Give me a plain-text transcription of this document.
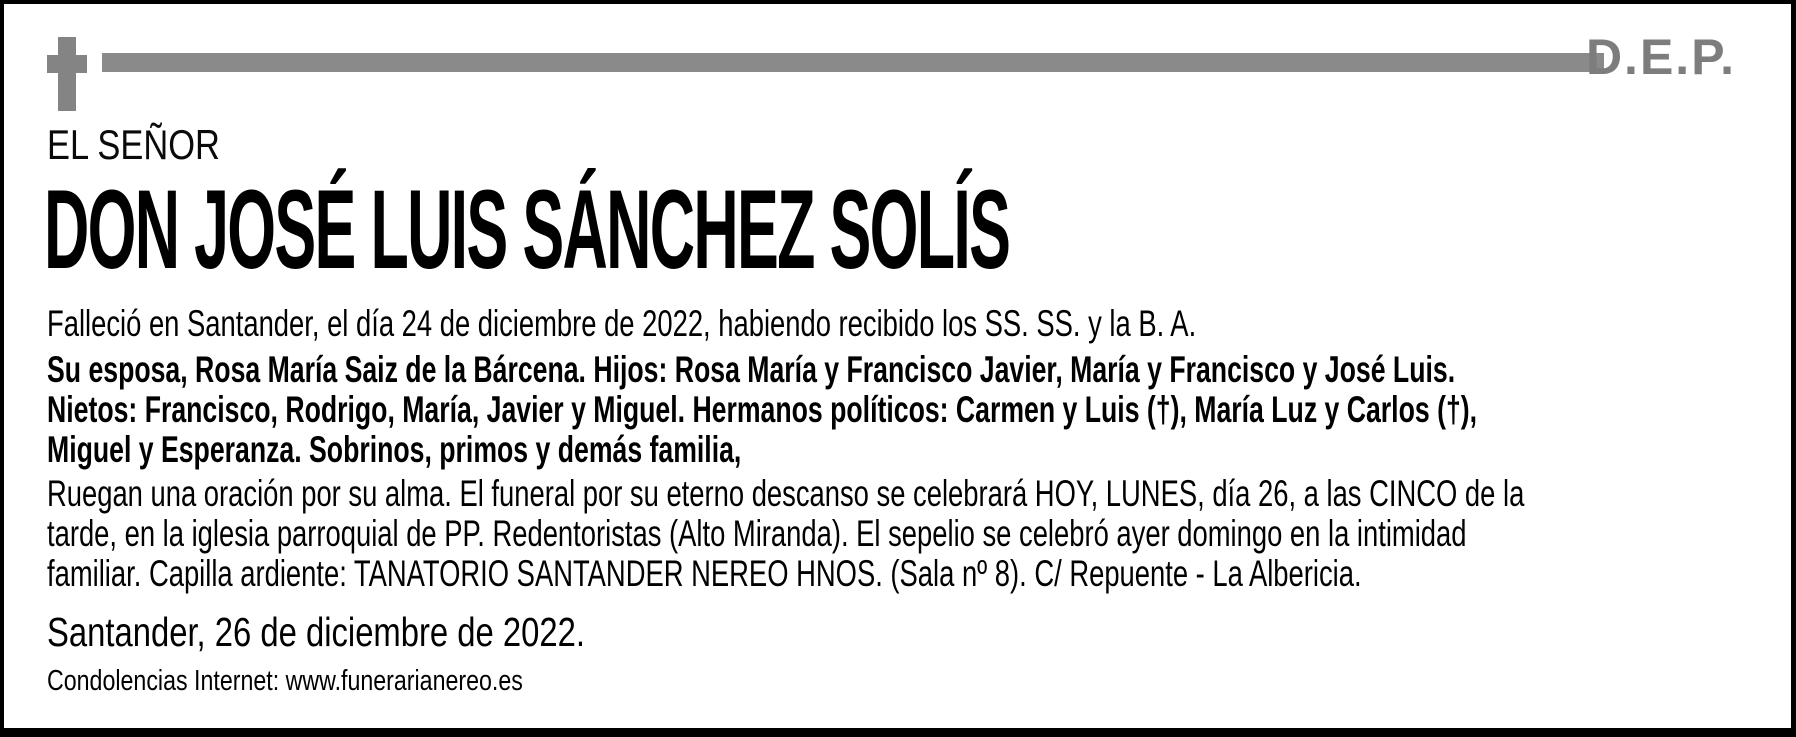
D.E.P.
EL SEÑOR
DON JOSÉ LUIS SÁNCHEZ SOLÍS
Falleció en Santander, el día 24 de diciembre de 2022, habiendo recibido los SS. SS. y la B. A.
Su esposa, Rosa María Saiz de la Bárcena. Hijos: Rosa María y Francisco Javier, María y Francisco y José Luis.
Nietos: Francisco, Rodrigo, María, Javier y Miguel. Hermanos políticos: Carmen y Luis (†), María Luz y Carlos (†),
Miguel y Esperanza. Sobrinos, primos y demás familia,
Ruegan una oración por su alma. El funeral por su eterno descanso se celebrará HOY, LUNES, día 26, a las CINCO de la
tarde, en la iglesia parroquial de PP. Redentoristas (Alto Miranda). El sepelio se celebró ayer domingo en la intimidad
familiar. Capilla ardiente: TANATORIO SANTANDER NEREO HNOS. (Sala nº 8). C/ Repuente - La Albericia.
Santander, 26 de diciembre de 2022.
Condolencias Internet: www.funerarianereo.es
